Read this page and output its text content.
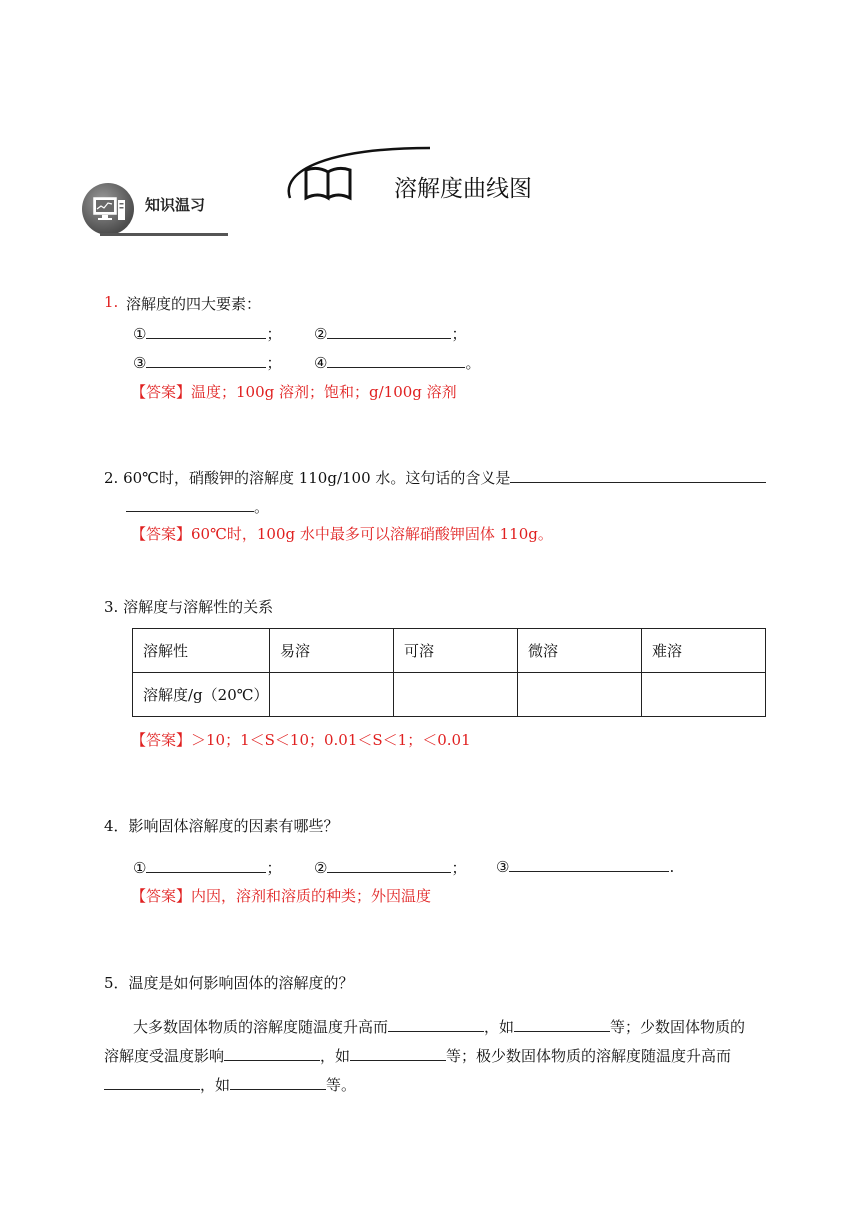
知识温习
溶解度曲线图
1. 溶解度的四大要素：
①	； ②	；
③	； ④	。
【答案】温度；100g 溶剂；饱和；g/100g 溶剂
2. 60℃时，硝酸钾的溶解度 110g/100 水。这句话的含义是
。
【答案】60℃时，100g 水中最多可以溶解硝酸钾固体 110g。
3. 溶解度与溶解性的关系
溶解性	易溶	可溶	微溶	难溶
溶解度/g（20℃）				
【答案】＞10；1＜S＜10；0.01＜S＜1；＜0.01
4．影响固体溶解度的因素有哪些？
①	； ②	； ③	.
【答案】内因，溶剂和溶质的种类；外因温度
5．温度是如何影响固体的溶解度的？
大多数固体物质的溶解度随温度升高而	，如	等；少数固体物质的
溶解度受温度影响	，如	等；极少数固体物质的溶解度随温度升高而
，如	等。
